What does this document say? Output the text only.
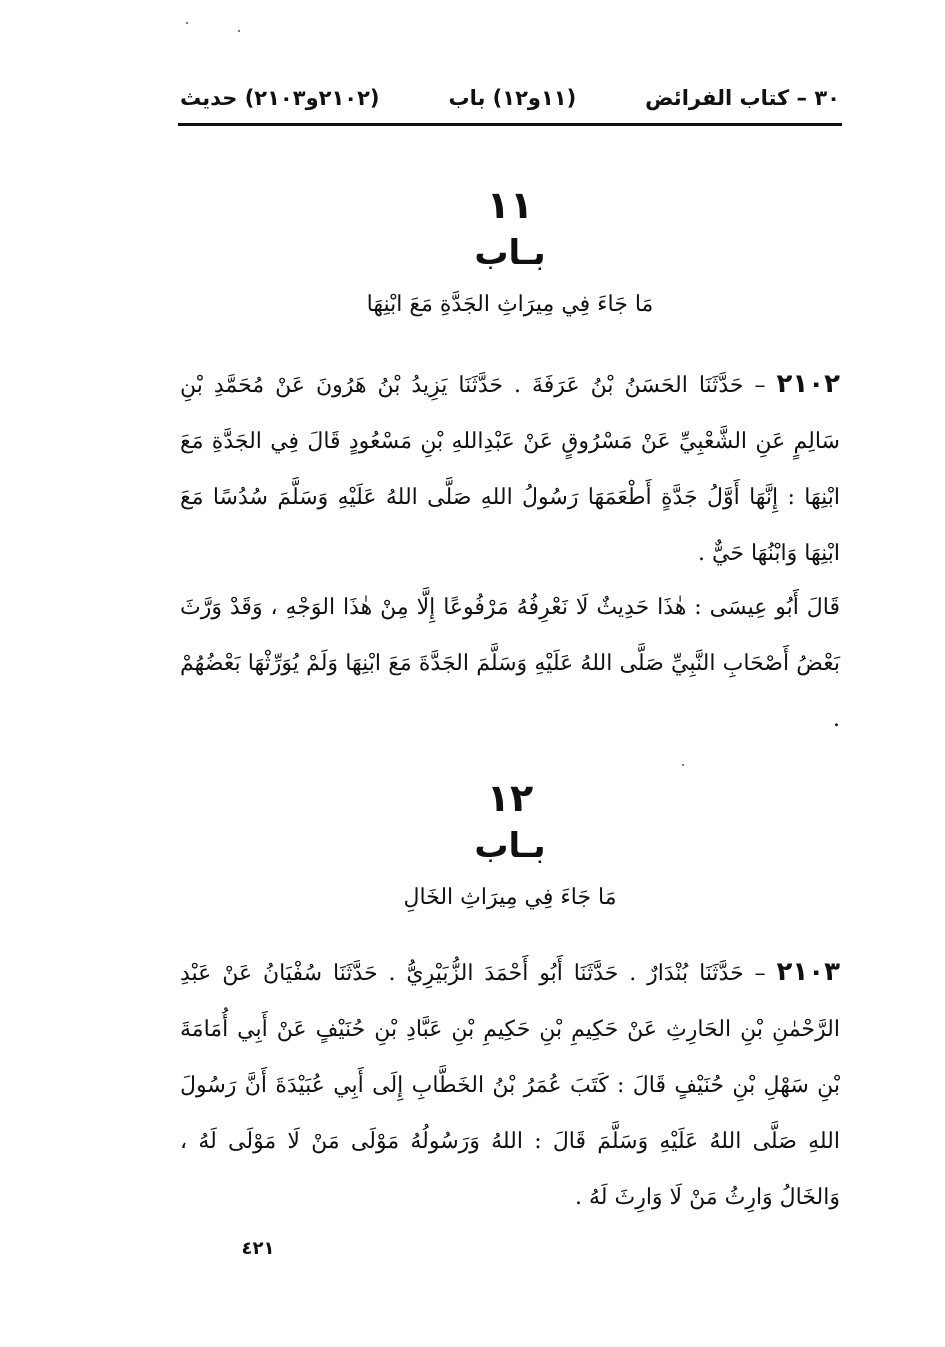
٣٠ – كتاب الفرائض
(١١و١٢) باب
(٢١٠٢و٢١٠٣) حديث
١١
بـاب
مَا جَاءَ فِي مِيرَاثِ الجَدَّةِ مَعَ ابْنِهَا
٢١٠٢ – حَدَّثَنَا الحَسَنُ بْنُ عَرَفَةَ . حَدَّثَنَا يَزِيدُ بْنُ هَرُونَ عَنْ مُحَمَّدِ بْنِ سَالِمٍ عَنِ الشَّعْبِيِّ عَنْ مَسْرُوقٍ عَنْ عَبْدِاللهِ بْنِ مَسْعُودٍ قَالَ فِي الجَدَّةِ مَعَ ابْنِهَا : إِنَّهَا أَوَّلُ جَدَّةٍ أَطْعَمَهَا رَسُولُ اللهِ صَلَّى اللهُ عَلَيْهِ وَسَلَّمَ سُدُسًا مَعَ ابْنِهَا وَابْنُهَا حَيٌّ .
قَالَ أَبُو عِيسَى : هٰذَا حَدِيثٌ لَا نَعْرِفُهُ مَرْفُوعًا إِلَّا مِنْ هٰذَا الوَجْهِ ، وَقَدْ وَرَّثَ بَعْضُ أَصْحَابِ النَّبِيِّ صَلَّى اللهُ عَلَيْهِ وَسَلَّمَ الجَدَّةَ مَعَ ابْنِهَا وَلَمْ يُوَرِّثْهَا بَعْضُهُمْ .
١٢
بـاب
مَا جَاءَ فِي مِيرَاثِ الخَالِ
٢١٠٣ – حَدَّثَنَا بُنْدَارٌ . حَدَّثَنَا أَبُو أَحْمَدَ الزُّبَيْرِيُّ . حَدَّثَنَا سُفْيَانُ عَنْ عَبْدِ الرَّحْمٰنِ بْنِ الحَارِثِ عَنْ حَكِيمِ بْنِ حَكِيمِ بْنِ عَبَّادِ بْنِ حُنَيْفٍ عَنْ أَبِي أُمَامَةَ بْنِ سَهْلِ بْنِ حُنَيْفٍ قَالَ : كَتَبَ عُمَرُ بْنُ الخَطَّابِ إِلَى أَبِي عُبَيْدَةَ أَنَّ رَسُولَ اللهِ صَلَّى اللهُ عَلَيْهِ وَسَلَّمَ قَالَ : اللهُ وَرَسُولُهُ مَوْلَى مَنْ لَا مَوْلَى لَهُ ، وَالخَالُ وَارِثُ مَنْ لَا وَارِثَ لَهُ .
٤٢١
